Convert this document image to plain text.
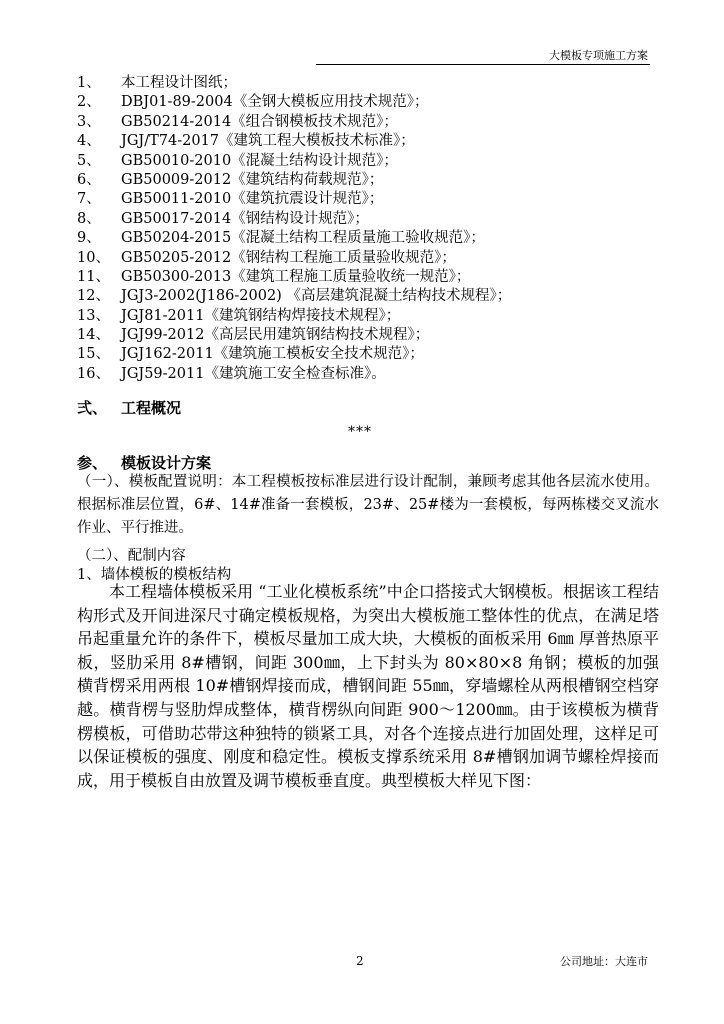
大模板专项施工方案
1、 本工程设计图纸；
2、 DBJ01-89-2004《全钢大模板应用技术规范》；
3、 GB50214-2014《组合钢模板技术规范》；
4、 JGJ/T74-2017《建筑工程大模板技术标准》；
5、 GB50010-2010《混凝土结构设计规范》；
6、 GB50009-2012《建筑结构荷载规范》；
7、 GB50011-2010《建筑抗震设计规范》；
8、 GB50017-2014《钢结构设计规范》；
9、 GB50204-2015《混凝土结构工程质量施工验收规范》；
10、 GB50205-2012《钢结构工程施工质量验收规范》；
11、 GB50300-2013《建筑工程施工质量验收统一规范》；
12、 JGJ3-2002(J186-2002) 《高层建筑混凝土结构技术规程》；
13、 JGJ81-2011《建筑钢结构焊接技术规程》；
14、 JGJ99-2012《高层民用建筑钢结构技术规程》；
15、 JGJ162-2011《建筑施工模板安全技术规范》；
16、 JGJ59-2011《建筑施工安全检查标准》。
弍、 工程概况
***
参、 模板设计方案

（一）、模板配置说明：本工程模板按标准层进行设计配制，兼顾考虑其他各层流水使用。根据标准层位置，6#、14#准备一套模板，23#、25#楼为一套模板，每两栋楼交叉流水作业、平行推进。

（二）、配制内容
1、墙体模板的模板结构

本工程墙体模板采用 “工业化模板系统”中企口搭接式大钢模板。根据该工程结构形式及开间进深尺寸确定模板规格，为突出大模板施工整体性的优点，在满足塔吊起重量允许的条件下，模板尽量加工成大块，大模板的面板采用 6㎜ 厚普热原平板，竖肋采用 8#槽钢，间距 300㎜，上下封头为 80×80×8 角钢；模板的加强横背楞采用两根 10#槽钢焊接而成，槽钢间距 55㎜，穿墙螺栓从两根槽钢空档穿越。横背楞与竖肋焊成整体，横背楞纵向间距 900～1200㎜。由于该模板为横背楞模板，可借助芯带这种独特的锁紧工具，对各个连接点进行加固处理，这样足可以保证模板的强度、刚度和稳定性。模板支撑系统采用 8#槽钢加调节螺栓焊接而成，用于模板自由放置及调节模板垂直度。典型模板大样见下图：

2	公司地址：大连市
